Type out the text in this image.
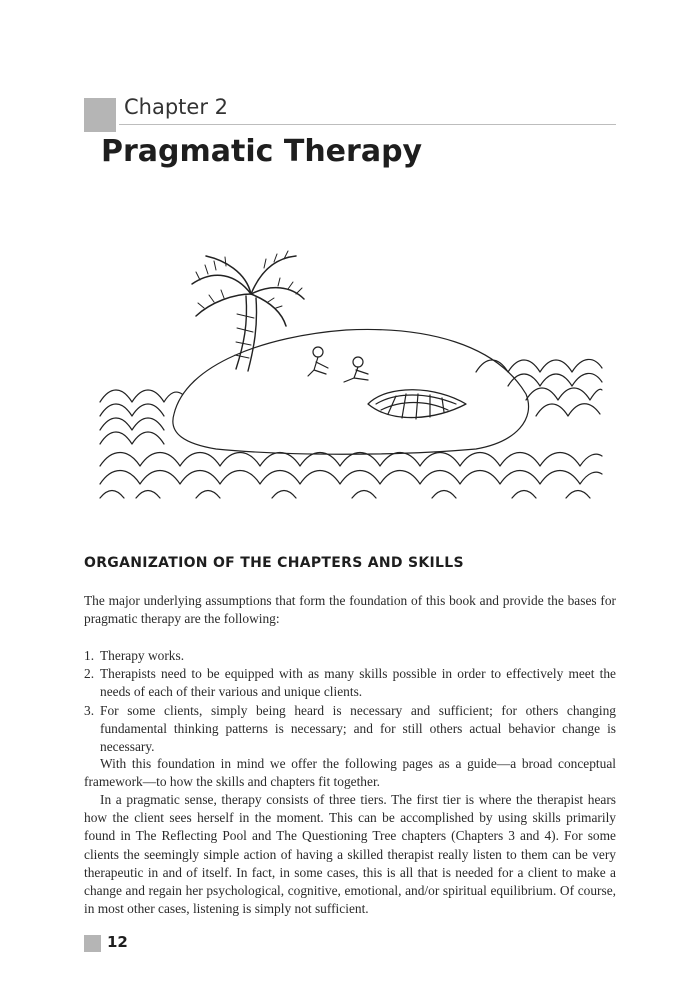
Chapter 2
Pragmatic Therapy
ORGANIZATION OF THE CHAPTERS AND SKILLS

The major underlying assumptions that form the foundation of this book and provide the bases for pragmatic therapy are the following:

1. Therapy works.
2. Therapists need to be equipped with as many skills possible in order to effectively meet the needs of each of their various and unique clients.
3. For some clients, simply being heard is necessary and sufficient; for others changing fundamental thinking patterns is necessary; and for still others actual behavior change is necessary.

With this foundation in mind we offer the following pages as a guide—a broad conceptual framework—to how the skills and chapters fit together.

In a pragmatic sense, therapy consists of three tiers. The first tier is where the therapist hears how the client sees herself in the moment. This can be accomplished by using skills primarily found in The Reflecting Pool and The Questioning Tree chapters (Chapters 3 and 4). For some clients the seemingly simple action of having a skilled therapist really listen to them can be very therapeutic in and of itself. In fact, in some cases, this is all that is needed for a client to make a change and regain her psychological, cognitive, emotional, and/or spiritual equilibrium. Of course, in most other cases, listening is simply not sufficient.

12
